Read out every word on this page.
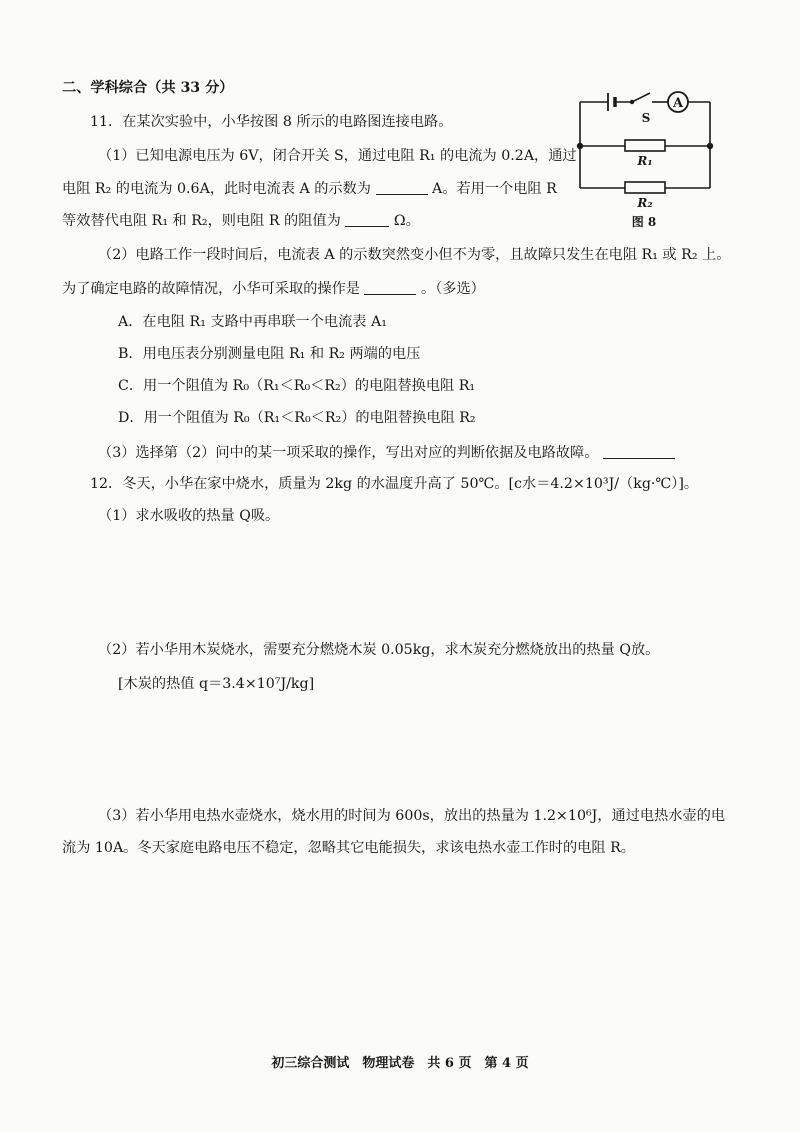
二、学科综合（共 33 分）
11．在某次实验中，小华按图 8 所示的电路图连接电路。
（1）已知电源电压为 6V，闭合开关 S，通过电阻 R₁ 的电流为 0.2A，通过
电阻 R₂ 的电流为 0.6A，此时电流表 A 的示数为	A。若用一个电阻 R
等效替代电阻 R₁ 和 R₂，则电阻 R 的阻值为	Ω。
（2）电路工作一段时间后，电流表 A 的示数突然变小但不为零，且故障只发生在电阻 R₁ 或 R₂ 上。
为了确定电路的故障情况，小华可采取的操作是	。（多选）
A．在电阻 R₁ 支路中再串联一个电流表 A₁
B．用电压表分别测量电阻 R₁ 和 R₂ 两端的电压
C．用一个阻值为 R₀（R₁＜R₀＜R₂）的电阻替换电阻 R₁
D．用一个阻值为 R₀（R₁＜R₀＜R₂）的电阻替换电阻 R₂
（3）选择第（2）问中的某一项采取的操作，写出对应的判断依据及电路故障。
A
S
R₁
R₂
图 8
12．冬天，小华在家中烧水，质量为 2kg 的水温度升高了 50℃。[c水＝4.2×10³J/（kg·℃）]。
（1）求水吸收的热量 Q吸。
（2）若小华用木炭烧水，需要充分燃烧木炭 0.05kg，求木炭充分燃烧放出的热量 Q放。
[木炭的热值 q＝3.4×10⁷J/kg]
（3）若小华用电热水壶烧水，烧水用的时间为 600s，放出的热量为 1.2×10⁶J，通过电热水壶的电
流为 10A。冬天家庭电路电压不稳定，忽略其它电能损失，求该电热水壶工作时的电阻 R。
初三综合测试　物理试卷　共 6 页　第 4 页
